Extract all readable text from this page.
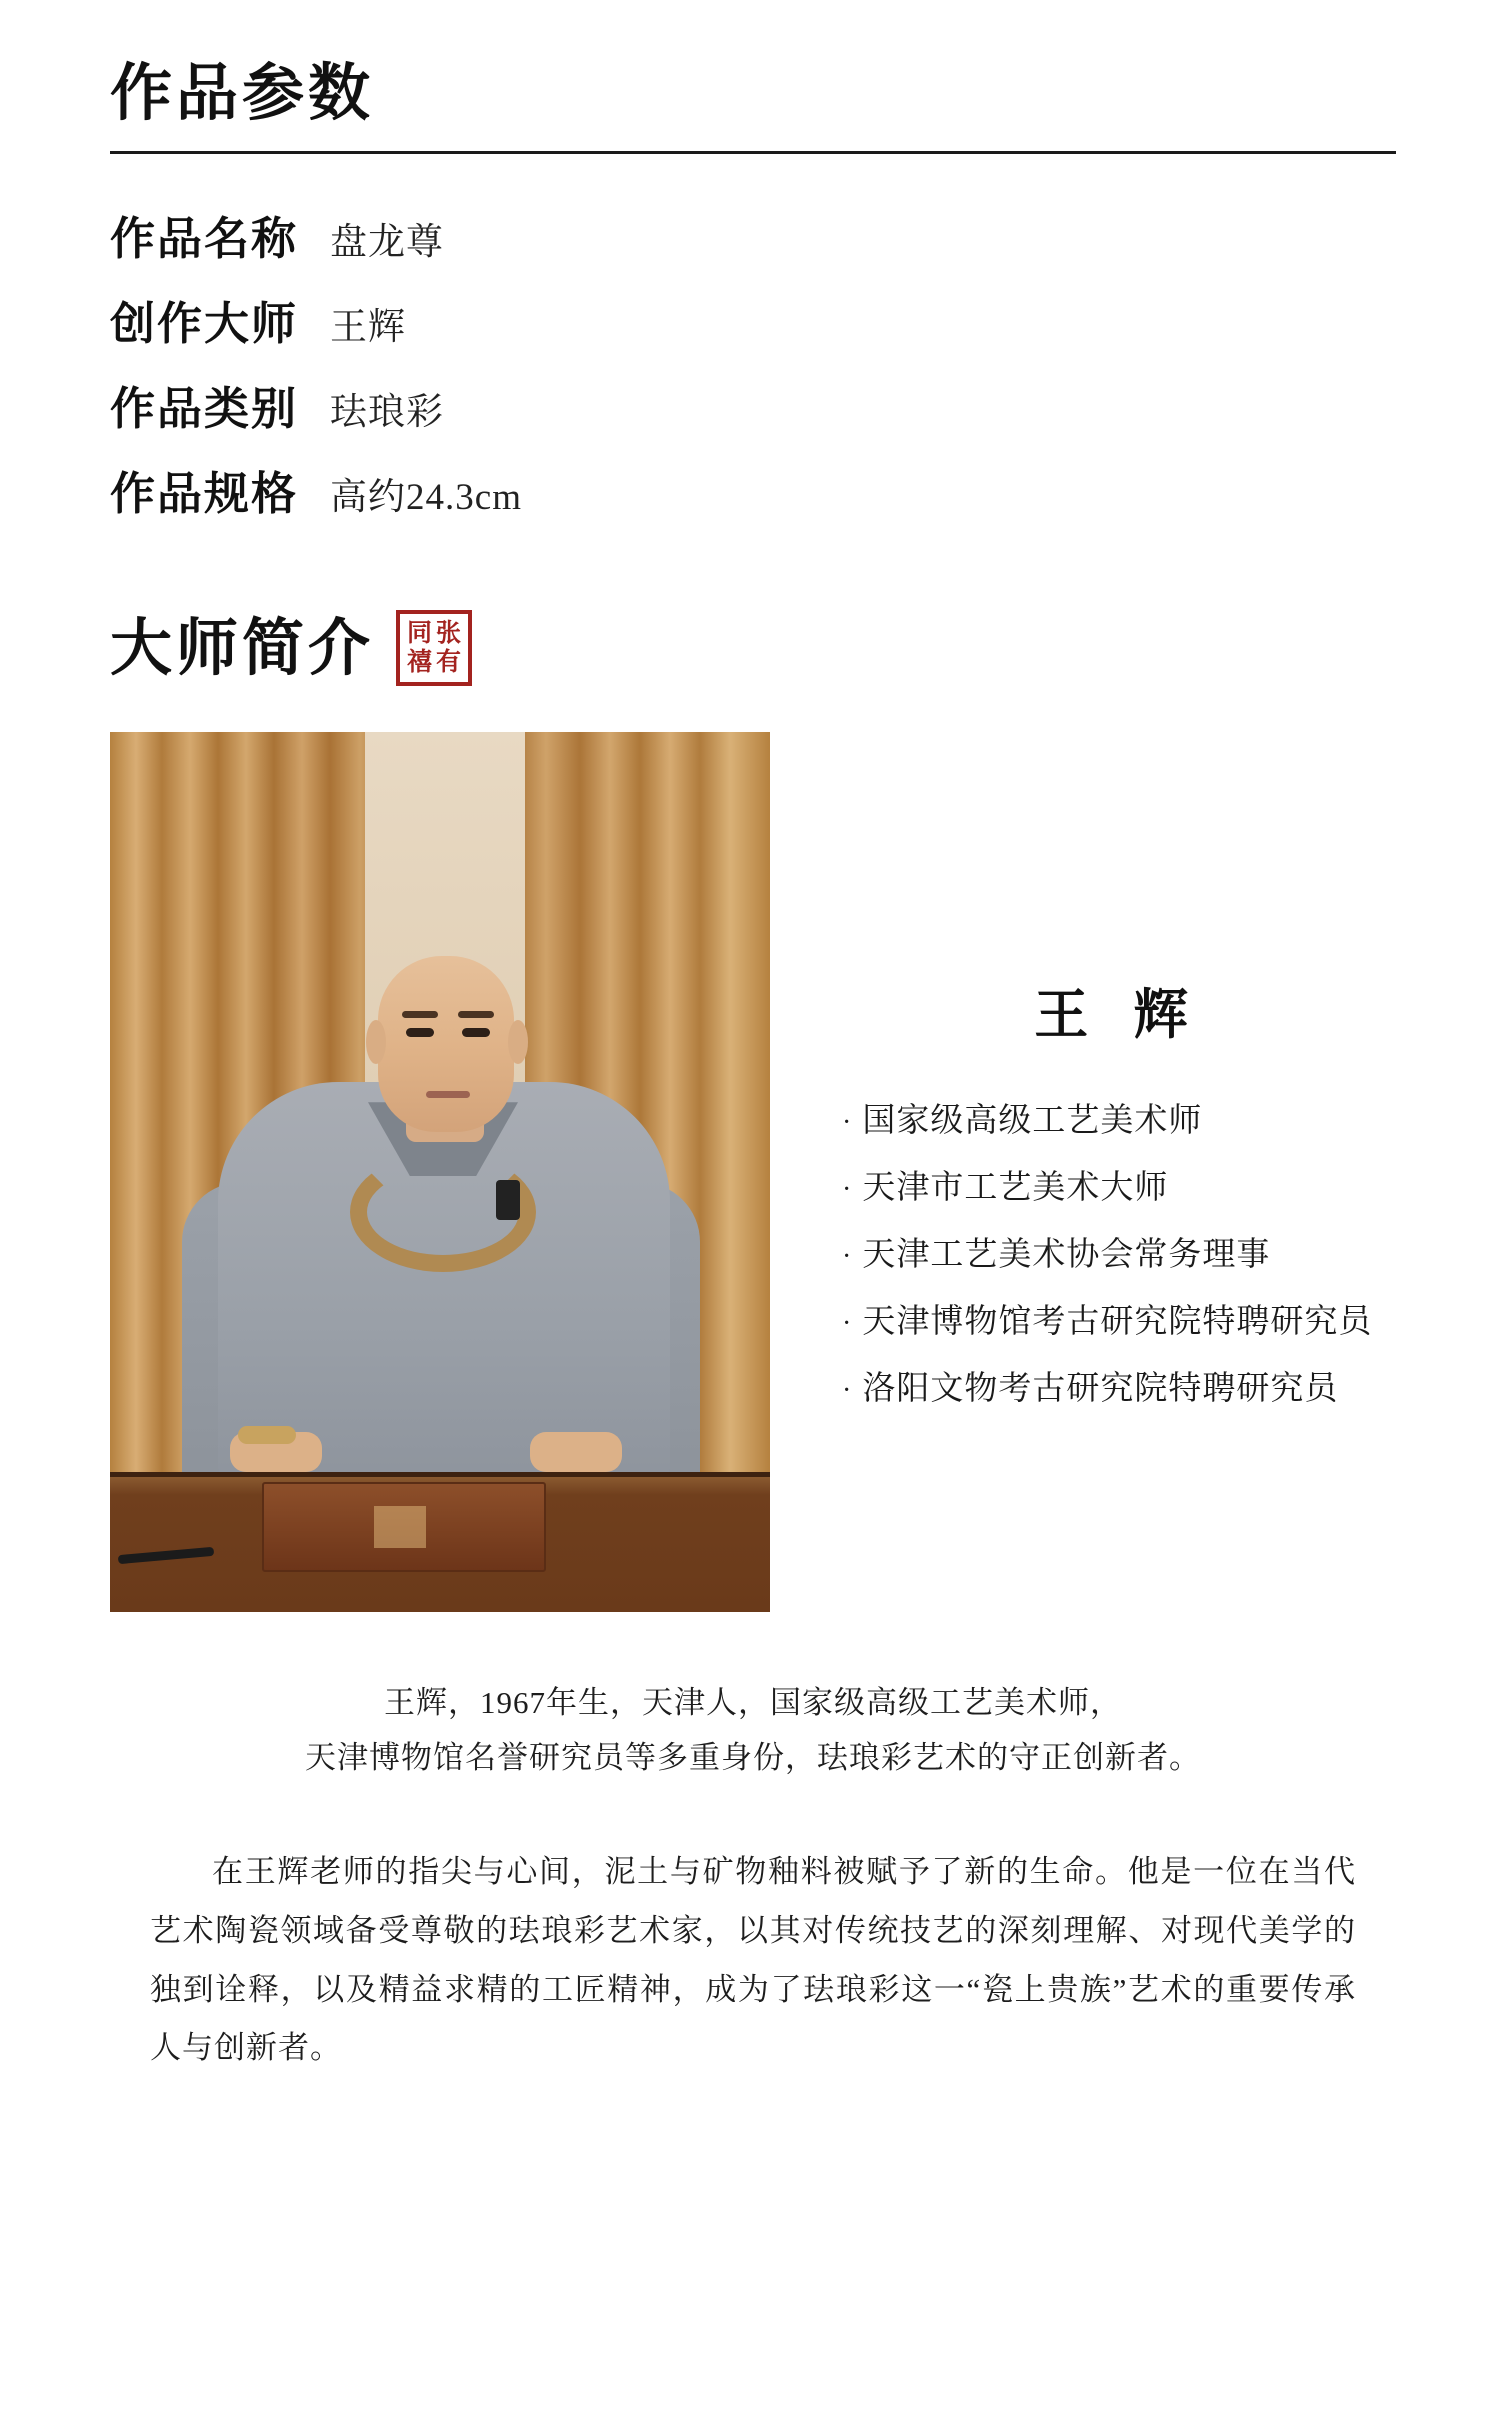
作品参数
作品名称 盘龙尊
创作大师 王辉
作品类别 珐琅彩
作品规格 高约24.3cm
大师简介 同 张
禧 有
王 辉
· 国家级高级工艺美术师
· 天津市工艺美术大师
· 天津工艺美术协会常务理事
· 天津博物馆考古研究院特聘研究员
· 洛阳文物考古研究院特聘研究员
王辉，1967年生，天津人，国家级高级工艺美术师，
天津博物馆名誉研究员等多重身份，珐琅彩艺术的守正创新者。
在王辉老师的指尖与心间，泥土与矿物釉料被赋予了新的生命。他是一位在当代艺术陶瓷领域备受尊敬的珐琅彩艺术家，以其对传统技艺的深刻理解、对现代美学的独到诠释，以及精益求精的工匠精神，成为了珐琅彩这一“瓷上贵族”艺术的重要传承人与创新者。
